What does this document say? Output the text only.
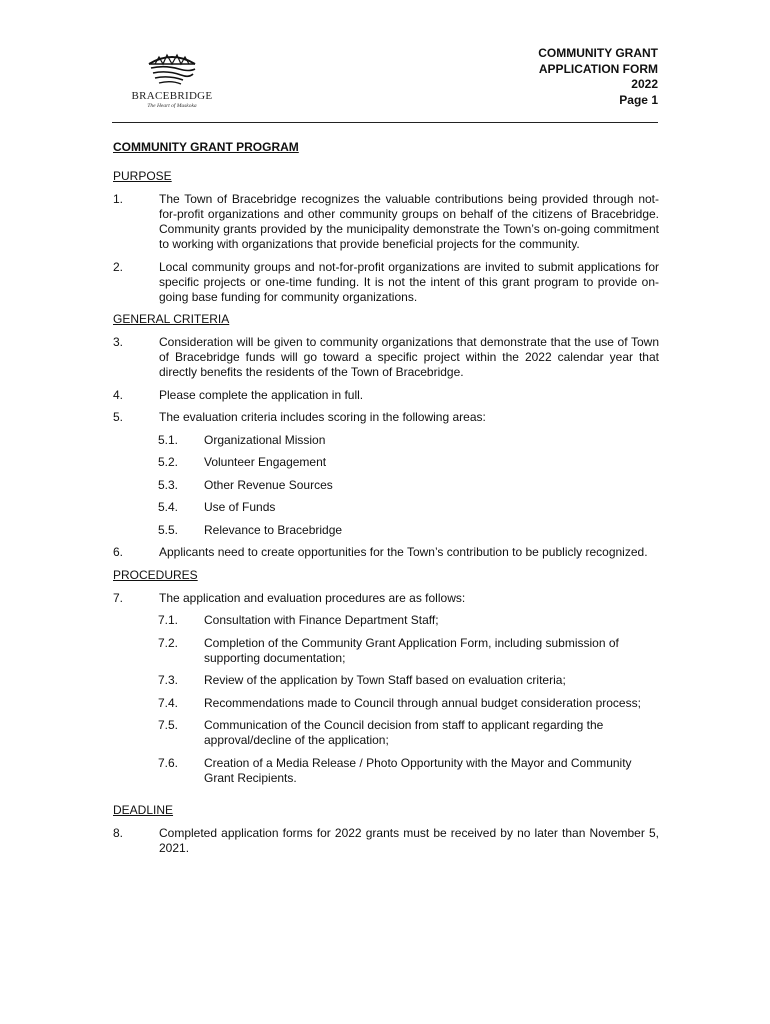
BRACEBRIDGE
The Heart of Muskoka
COMMUNITY GRANT
APPLICATION FORM
2022
Page 1
COMMUNITY GRANT PROGRAM
PURPOSE
1.	The Town of Bracebridge recognizes the valuable contributions being provided through not-for-profit organizations and other community groups on behalf of the citizens of Bracebridge. Community grants provided by the municipality demonstrate the Town’s on-going commitment to working with organizations that provide beneficial projects for the community.
2.	Local community groups and not-for-profit organizations are invited to submit applications for specific projects or one-time funding. It is not the intent of this grant program to provide on-going base funding for community organizations.
GENERAL CRITERIA
3.	Consideration will be given to community organizations that demonstrate that the use of Town of Bracebridge funds will go toward a specific project within the 2022 calendar year that directly benefits the residents of the Town of Bracebridge.
4.	Please complete the application in full.
5.	The evaluation criteria includes scoring in the following areas:
5.1. Organizational Mission
5.2. Volunteer Engagement
5.3. Other Revenue Sources
5.4. Use of Funds
5.5. Relevance to Bracebridge
6.	Applicants need to create opportunities for the Town’s contribution to be publicly recognized.
PROCEDURES
7.	The application and evaluation procedures are as follows:
7.1. Consultation with Finance Department Staff;
7.2. Completion of the Community Grant Application Form, including submission of supporting documentation;
7.3. Review of the application by Town Staff based on evaluation criteria;
7.4. Recommendations made to Council through annual budget consideration process;
7.5. Communication of the Council decision from staff to applicant regarding the approval/decline of the application;
7.6. Creation of a Media Release / Photo Opportunity with the Mayor and Community Grant Recipients.
DEADLINE
8.	Completed application forms for 2022 grants must be received by no later than November 5, 2021.
